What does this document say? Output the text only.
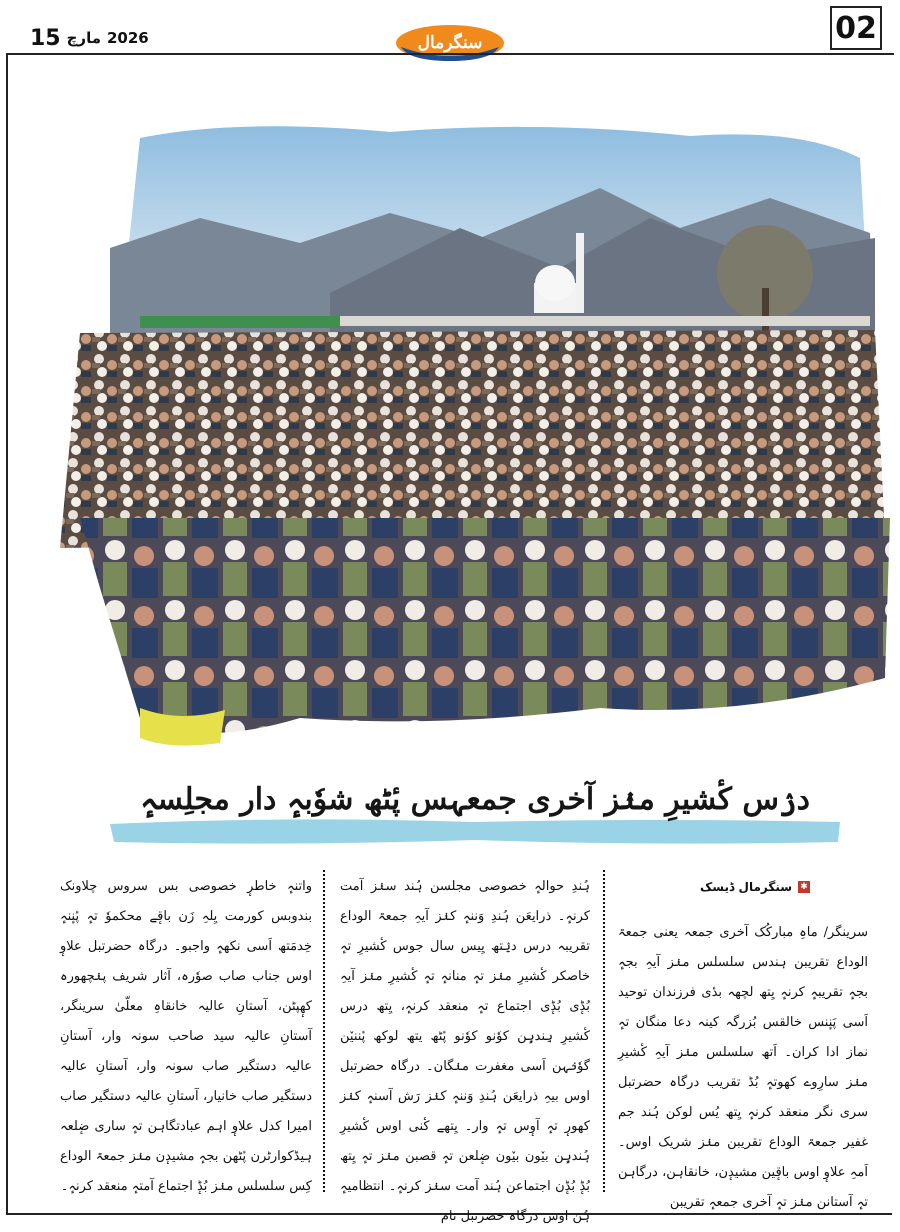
15 مارچ 2026	سنگرمال	02
ﺩرٛس کٔشیرِ منٛز آخری جمعہس پٔٹھ شوٗبہٕ دار مجلِسہٕ
✱
سنگرمال ڈیسک
سرینگر/ ماہِ مبارکُک آخری جمعہ یعنی جمعۃ الوداع تقریبن ہندس سلسلس منٛز آیہِ بجہٕ بجہٕ تقریبہٕ کرنہٕ یِتھ لچھہ بدٔی فرزندان توحید اَسی پَنٕنس خالقس بُزرگہ کینہ دعا منگان تہٕ نماز ادا کران۔ اَتھ سلسلس منٛز آیہِ کٔشیرِ منٛز سارِوے کھوتہٕ بُڈ تقریب درگاہ حضرتبل سری نگر منعقد کرنہٕ یِتھ یُس لوکن ہُند جم غفیر جمعۃ الوداع تقریبن منٛز شریک اوس۔ اَمہِ علاوٕ اوس باقٕین مشیدٕن، خانقاہن، درگاہن تہٕ آستانن منٛز تہٕ آخری جمعہٕ تقریبن
ہُندِ حوالہٕ خصوصی مجلسن ہُند سنٛز آمت کرنہٕ۔ ذرایعَن ہُندِ وَننہٕ کنٛز آیہِ جمعۃ الوداع تقریبہ درس دیٛتھ یِیس سال جوس کٔشیرِ تہٕ خاصکر کٔشیرِ منٛز تہٕ منانہٕ تہٕ کٔشیرِ منٛز آیہِ بُڈٕی بُڈٕی اجتماع تہٕ منعقد کرنہٕ، یِتھ درس کٔشیرِ ہِندہٕن کوٗنو کوٗنو پٔٹھ یتھ لوکھ پٔننیٚن گوٗنٛہن اَسی مغفرت منٛگان۔ درگاہ حضرتبل اوس بیہِ ذرایعَن ہُندِ وَننہٕ کنٛز رَش آسنہٕ کنٛز کھورٕ تہٕ آوٕس تہٕ وار۔ یِتھے کٔنی اوس کٔشیرِ ہُندہٕن بیٚون بیٚون ضٕلعن تہٕ قصبن منٛز تہٕ یِتھ بُڈٕ بُڈٕن اجتماعن ہُند آمت سنٛز کرنہٕ۔ انتظامیہٕ ہُن اوس درگاہ حضرتبل تام
واتنہٕ خاطرٕ خصوصی بس سروس چلاونک بندوبس کورمت یِلہِ زَن باقٕے محکموٗ تہٕ پٔنٕنہٕ خِدمَتھ اَسی نکھہٕ واجبو۔ درگاہ حضرتبل علاوٕ اوس جناب صاب صوٗرہ، آثار شریف پنٛچھورہ کھٕپٹن، آستانِ عالیہ خانقاہِ معلّیٰ سرینگر، آستانِ عالیہ سید صاحب سونہ وار، آستانِ عالیہ دستگیر صاب سونہ وار، آستانِ عالیہ دستگیر صاب خانیار، آستانِ عالیہ دستگیر صاب امیرا کدل علاوٕ اہم عبادتگاہن تہٕ ساری ضٕلعہ ہیڈکوارٹرن پٔٹھن بجہٕ مشیدٕن منٛز جمعۃ الوداع کِس سلسلس منٛز بُڈٕ اجتماع آمتہٕ منعقد کرنہٕ۔
